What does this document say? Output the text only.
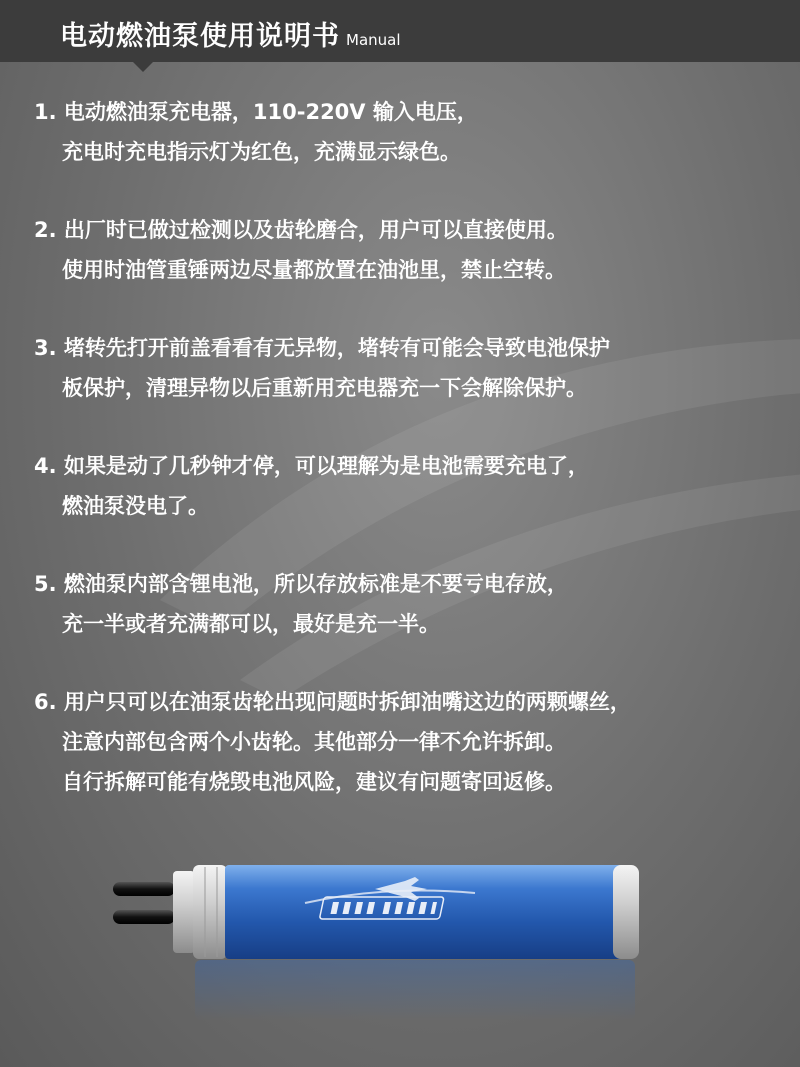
电动燃油泵使用说明书 Manual

1. 电动燃油泵充电器，110-220V 输入电压，

充电时充电指示灯为红色，充满显示绿色。

2. 出厂时已做过检测以及齿轮磨合，用户可以直接使用。

使用时油管重锤两边尽量都放置在油池里，禁止空转。

3. 堵转先打开前盖看看有无异物，堵转有可能会导致电池保护

板保护，清理异物以后重新用充电器充一下会解除保护。

4. 如果是动了几秒钟才停，可以理解为是电池需要充电了，

燃油泵没电了。

5. 燃油泵内部含锂电池，所以存放标准是不要亏电存放，

充一半或者充满都可以，最好是充一半。

6. 用户只可以在油泵齿轮出现问题时拆卸油嘴这边的两颗螺丝，

注意内部包含两个小齿轮。其他部分一律不允许拆卸。

自行拆解可能有烧毁电池风险，建议有问题寄回返修。
